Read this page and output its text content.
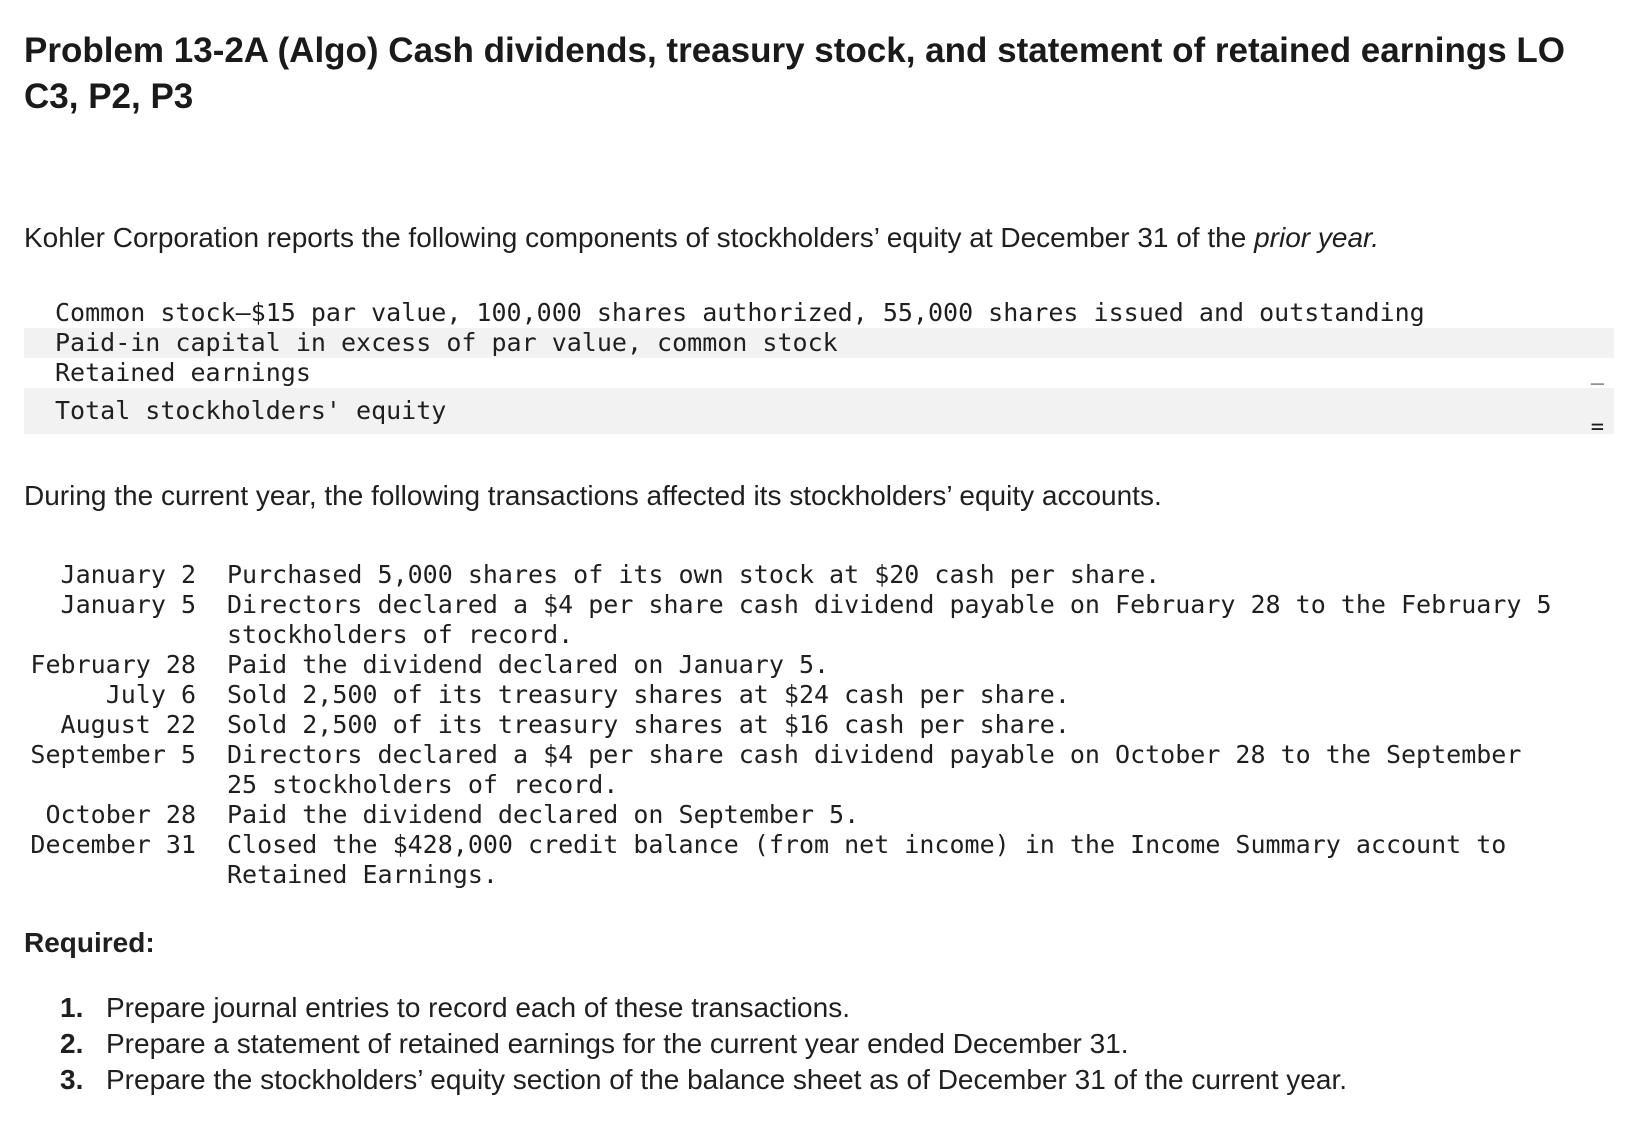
Problem 13-2A (Algo) Cash dividends, treasury stock, and statement of retained earnings LO C3, P2, P3

Kohler Corporation reports the following components of stockholders’ equity at December 31 of the prior year.

Common stock—$15 par value, 100,000 shares authorized, 55,000 shares issued and outstanding
Paid-in capital in excess of par value, common stock
Retained earnings	_
Total stockholders' equity
=

During the current year, the following transactions affected its stockholders’ equity accounts.

January 2	Purchased 5,000 shares of its own stock at $20 cash per share.
January 5	Directors declared a $4 per share cash dividend payable on February 28 to the February 5 stockholders of record.
February 28	Paid the dividend declared on January 5.
July 6	Sold 2,500 of its treasury shares at $24 cash per share.
August 22	Sold 2,500 of its treasury shares at $16 cash per share.
September 5	Directors declared a $4 per share cash dividend payable on October 28 to the September 25 stockholders of record.
October 28	Paid the dividend declared on September 5.
December 31	Closed the $428,000 credit balance (from net income) in the Income Summary account to Retained Earnings.

Required:

1. Prepare journal entries to record each of these transactions.
2. Prepare a statement of retained earnings for the current year ended December 31.
3. Prepare the stockholders’ equity section of the balance sheet as of December 31 of the current year.
